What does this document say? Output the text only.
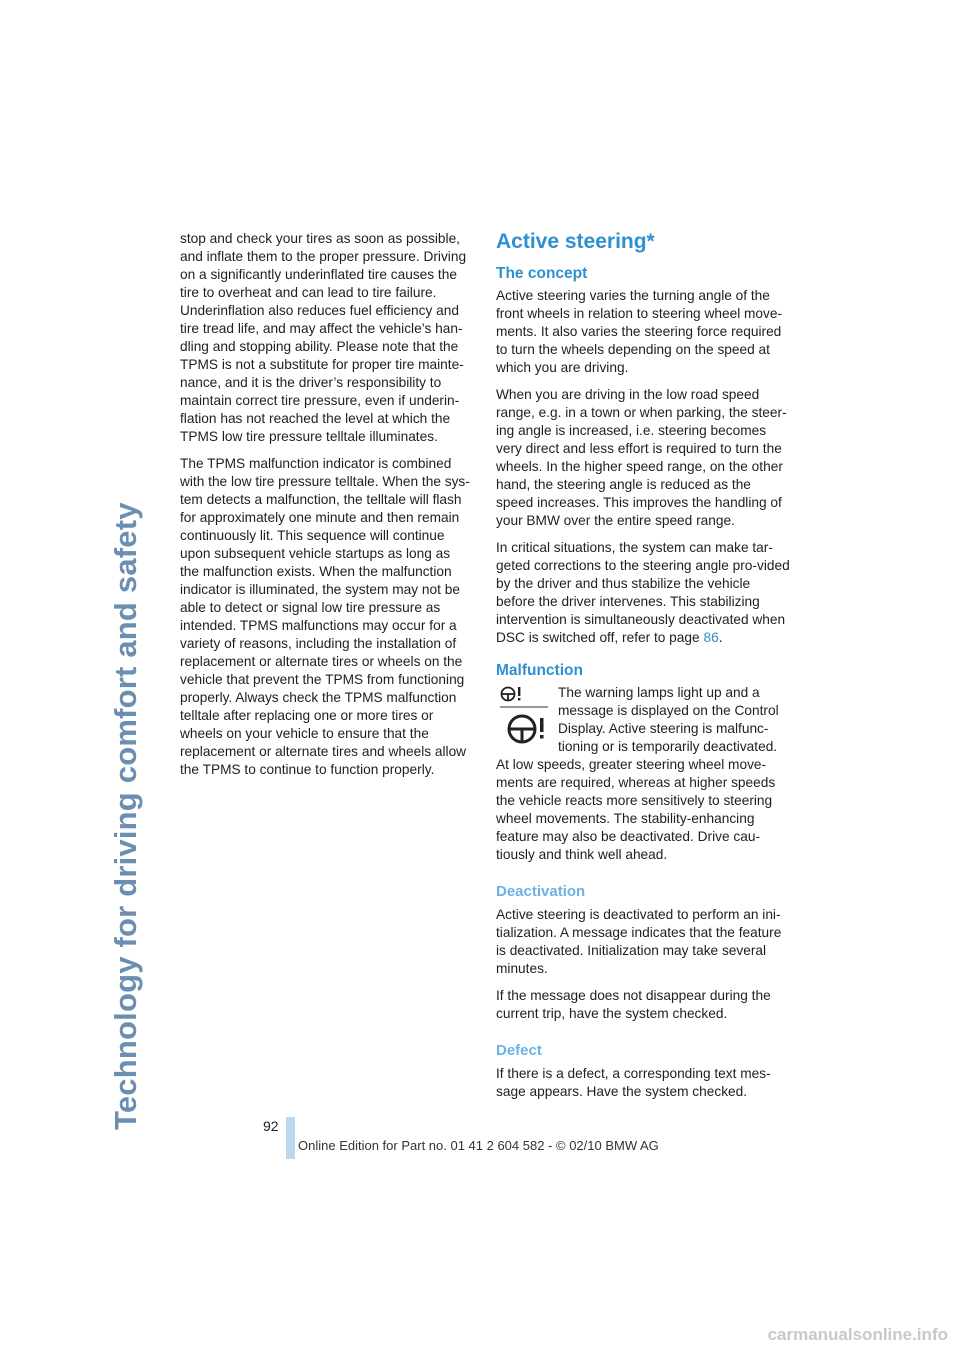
Technology for driving comfort and safety

stop and check your tires as soon as possible, and inflate them to the proper pressure. Driving on a significantly underinflated tire causes the tire to overheat and can lead to tire failure. Underinflation also reduces fuel efficiency and tire tread life, and may affect the vehicle’s han-dling and stopping ability. Please note that the TPMS is not a substitute for proper tire mainte-nance, and it is the driver’s responsibility to maintain correct tire pressure, even if underin-flation has not reached the level at which the TPMS low tire pressure telltale illuminates.

The TPMS malfunction indicator is combined with the low tire pressure telltale. When the sys-tem detects a malfunction, the telltale will flash for approximately one minute and then remain continuously lit. This sequence will continue upon subsequent vehicle startups as long as the malfunction exists. When the malfunction indicator is illuminated, the system may not be able to detect or signal low tire pressure as intended. TPMS malfunctions may occur for a variety of reasons, including the installation of replacement or alternate tires or wheels on the vehicle that prevent the TPMS from functioning properly. Always check the TPMS malfunction telltale after replacing one or more tires or wheels on your vehicle to ensure that the replacement or alternate tires and wheels allow the TPMS to continue to function properly.

Active steering*
The concept

Active steering varies the turning angle of the front wheels in relation to steering wheel move-ments. It also varies the steering force required to turn the wheels depending on the speed at which you are driving.

When you are driving in the low road speed range, e.g. in a town or when parking, the steer-ing angle is increased, i.e. steering becomes very direct and less effort is required to turn the wheels. In the higher speed range, on the other hand, the steering angle is reduced as the speed increases. This improves the handling of your BMW over the entire speed range.

In critical situations, the system can make tar-geted corrections to the steering angle pro-vided by the driver and thus stabilize the vehicle before the driver intervenes. This stabilizing intervention is simultaneously deactivated when DSC is switched off, refer to page 86.

Malfunction

The warning lamps light up and a message is displayed on the Control Display. Active steering is malfunc-tioning or is temporarily deactivated.

At low speeds, greater steering wheel move-ments are required, whereas at higher speeds the vehicle reacts more sensitively to steering wheel movements. The stability-enhancing feature may also be deactivated. Drive cau-tiously and think well ahead.

Deactivation

Active steering is deactivated to perform an ini-tialization. A message indicates that the feature is deactivated. Initialization may take several minutes.

If the message does not disappear during the current trip, have the system checked.

Defect

If there is a defect, a corresponding text mes-sage appears. Have the system checked.

92
Online Edition for Part no. 01 41 2 604 582 - © 02/10 BMW AG
carmanualsonline.info
